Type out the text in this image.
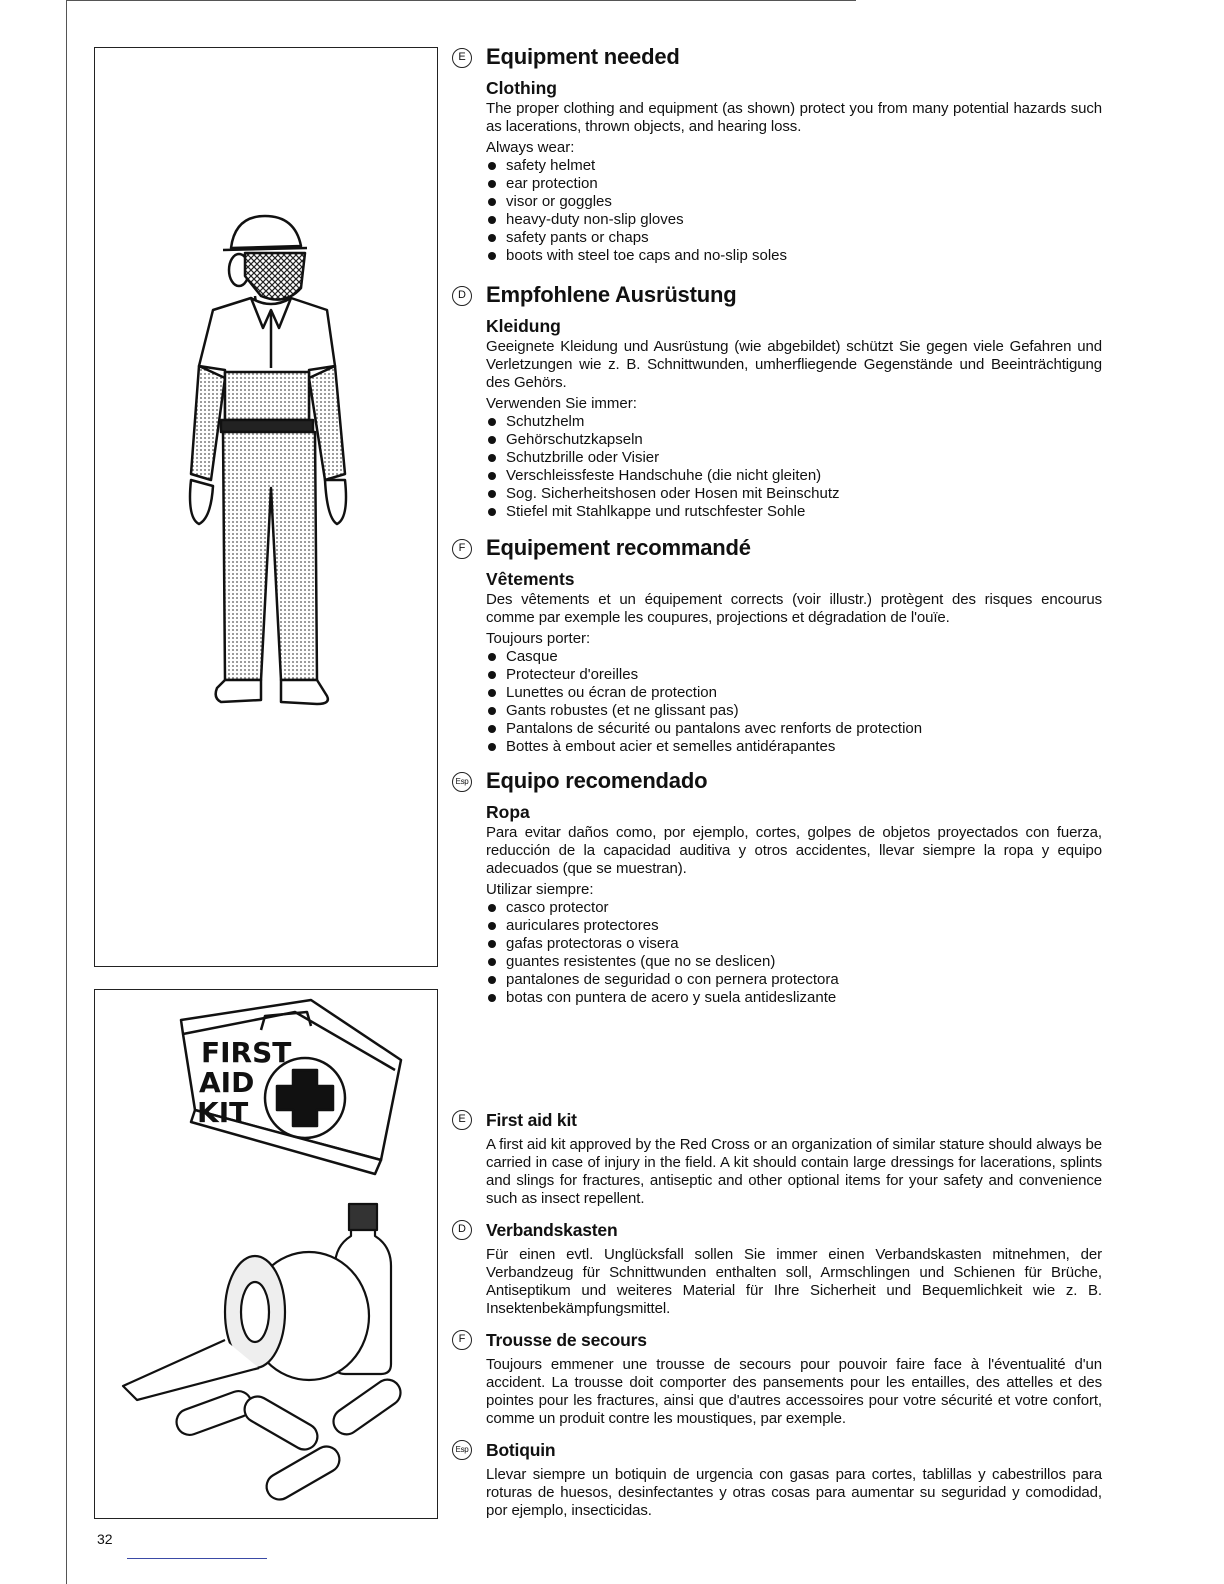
FIRST
AID
KIT
E Equipment needed
Clothing
The proper clothing and equipment (as shown) protect you from many potential hazards such as lacerations, thrown objects, and hearing loss.
Always wear:
safety helmet
ear protection
visor or goggles
heavy-duty non-slip gloves
safety pants or chaps
boots with steel toe caps and no-slip soles
D Empfohlene Ausrüstung
Kleidung
Geeignete Kleidung und Ausrüstung (wie abgebildet) schützt Sie gegen viele Gefahren und Verletzungen wie z. B. Schnittwunden, umherfliegende Gegenstände und Beeinträchtigung des Gehörs.
Verwenden Sie immer:
Schutzhelm
Gehörschutzkapseln
Schutzbrille oder Visier
Verschleissfeste Handschuhe (die nicht gleiten)
Sog. Sicherheitshosen oder Hosen mit Beinschutz
Stiefel mit Stahlkappe und rutschfester Sohle
F Equipement recommandé
Vêtements
Des vêtements et un équipement corrects (voir illustr.) protègent des risques encourus comme par exemple les coupures, projections et dégradation de l'ouïe.
Toujours porter:
Casque
Protecteur d'oreilles
Lunettes ou écran de protection
Gants robustes (et ne glissant pas)
Pantalons de sécurité ou pantalons avec renforts de protection
Bottes à embout acier et semelles antidérapantes
Esp Equipo recomendado
Ropa
Para evitar daños como, por ejemplo, cortes, golpes de objetos proyectados con fuerza, reducción de la capacidad auditiva y otros accidentes, llevar siempre la ropa y equipo adecuados (que se muestran).
Utilizar siempre:
casco protector
auriculares protectores
gafas protectoras o visera
guantes resistentes (que no se deslicen)
pantalones de seguridad o con pernera protectora
botas con puntera de acero y suela antideslizante
E	First aid kit
A first aid kit approved by the Red Cross or an organization of similar stature should always be carried in case of injury in the field. A kit should contain large dressings for lacerations, splints and slings for fractures, antiseptic and other optional items for your safety and convenience such as insect repellent.
D	Verbandskasten
Für einen evtl. Unglücksfall sollen Sie immer einen Verbandskasten mitnehmen, der Verbandzeug für Schnittwunden enthalten soll, Armschlingen und Schienen für Brüche, Antiseptikum und weiteres Material für Ihre Sicherheit und Bequemlichkeit wie z. B. Insektenbekämpfungsmittel.
F	Trousse de secours
Toujours emmener une trousse de secours pour pouvoir faire face à l'éventualité d'un accident. La trousse doit comporter des pansements pour les entailles, des attelles et des pointes pour les fractures, ainsi que d'autres accessoires pour votre sécurité et votre confort, comme un produit contre les moustiques, par exemple.
Esp Botiquin
Llevar siempre un botiquin de urgencia con gasas para cortes, tablillas y cabestrillos para roturas de huesos, desinfectantes y otras cosas para aumentar su seguridad y comodidad, por ejemplo, insecticidas.
32
